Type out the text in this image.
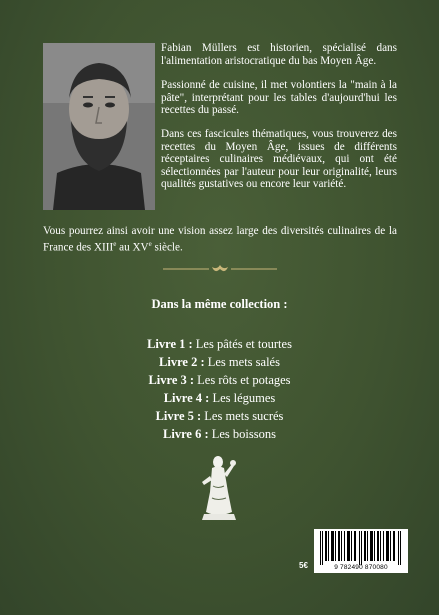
Fabian Müllers est historien, spécialisé dans l'alimentation aristocratique du bas Moyen Âge.

Passionné de cuisine, il met volontiers la "main à la pâte", interprétant pour les tables d'aujourd'hui les recettes du passé.

Dans ces fascicules thématiques, vous trouverez des recettes du Moyen Âge, issues de différents réceptaires culinaires médiévaux, qui ont été sélectionnées par l'auteur pour leur originalité, leurs qualités gustatives ou encore leur variété.

Vous pourrez ainsi avoir une vision assez large des diversités culinaires de la France des XIIIe au XVe siècle.
Dans la même collection :
Livre 1 : Les pâtés et tourtes
Livre 2 : Les mets salés
Livre 3 : Les rôts et potages
Livre 4 : Les légumes
Livre 5 : Les mets sucrés
Livre 6 : Les boissons
5€	9 782490 870080
